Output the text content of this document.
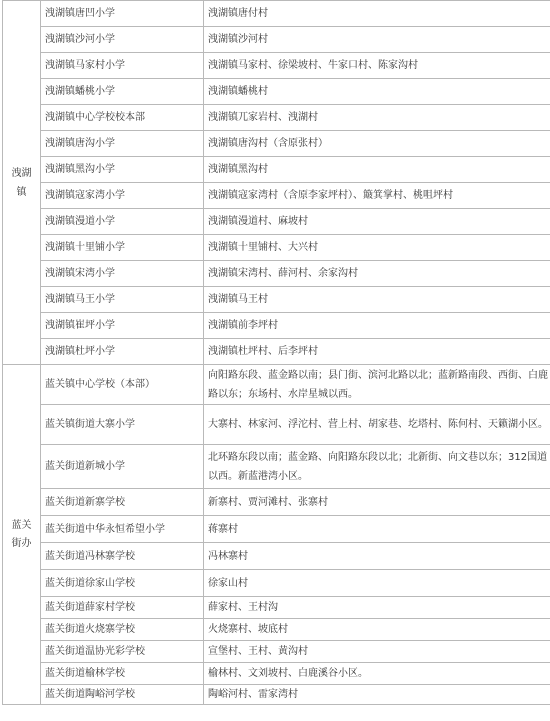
洩湖镇	洩湖镇唐凹小学	洩湖镇唐付村
	洩湖镇沙河小学	洩湖镇沙河村
	洩湖镇马家村小学	洩湖镇马家村、徐梁坡村、牛家口村、陈家沟村
	洩湖镇蟠桃小学	洩湖镇蟠桃村
	洩湖镇中心学校校本部	洩湖镇兀家岩村、洩湖村
	洩湖镇唐沟小学	洩湖镇唐沟村（含原张村）
	洩湖镇黑沟小学	洩湖镇黑沟村
	洩湖镇寇家湾小学	洩湖镇寇家湾村（含原李家坪村）、簸箕掌村、桃咀坪村
	洩湖镇漫道小学	洩湖镇漫道村、麻坡村
	洩湖镇十里铺小学	洩湖镇十里铺村、大兴村
	洩湖镇宋湾小学	洩湖镇宋湾村、薛河村、余家沟村
	洩湖镇马王小学	洩湖镇马王村
	洩湖镇崔坪小学	洩湖镇前李坪村
	洩湖镇杜坪小学	洩湖镇杜坪村、后李坪村
蓝关街办	蓝关镇中心学校（本部）	向阳路东段、蓝金路以南；县门街、滨河北路以北；蓝新路南段、西街、白鹿路以东；东场村、水岸星城以西。
	蓝关镇街道大寨小学	大寨村、林家河、浮沱村、营上村、胡家巷、圪塔村、陈何村、天籁湖小区。
	蓝关街道新城小学	北环路东段以南；蓝金路、向阳路东段以北；北新街、向文巷以东；312国道以西。新蓝港湾小区。
	蓝关街道新寨学校	新寨村、贾河滩村、张寨村
	蓝关街道中华永恒希望小学	蒋寨村
	蓝关街道冯林寨学校	冯林寨村
	蓝关街道徐家山学校	徐家山村
	蓝关街道薛家村学校	薛家村、王村沟
	蓝关街道火烧寨学校	火烧寨村、坡底村
	蓝关街道温协光彩学校	宣堡村、王村、黄沟村
	蓝关街道榆林学校	榆林村、文刘坡村、白鹿溪谷小区。
	蓝关街道陶峪河学校	陶峪河村、雷家湾村
